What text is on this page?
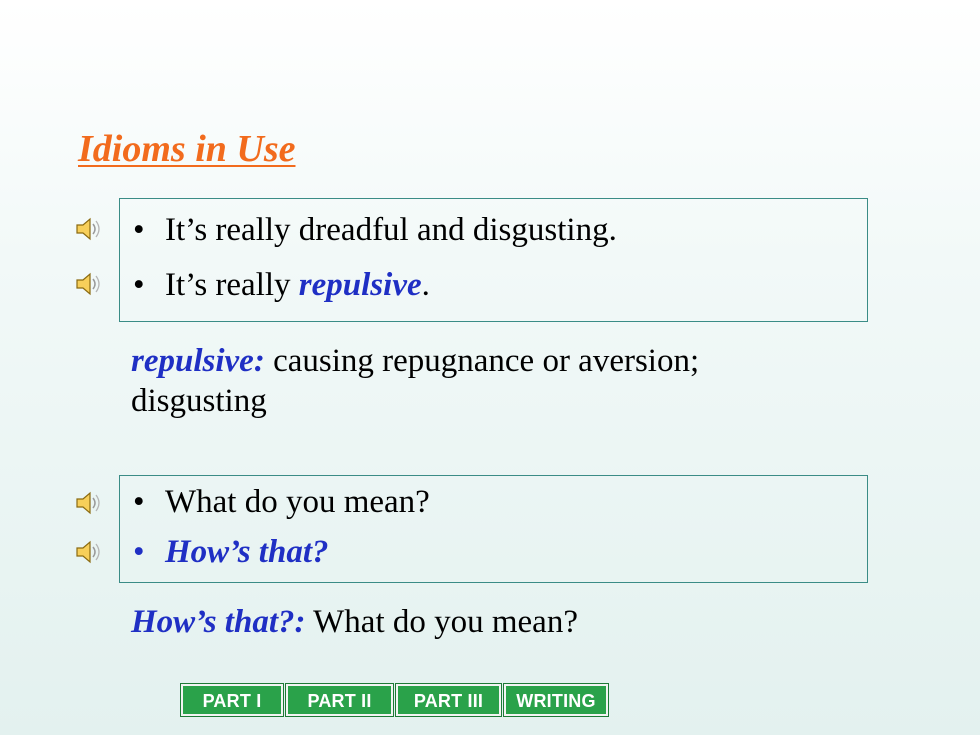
Idioms in Use
• It’s really dreadful and disgusting.
• It’s really repulsive.
repulsive: causing repugnance or aversion; disgusting
• What do you mean?
• How’s that?
How’s that?: What do you mean?
PART I	PART II	PART III	WRITING
